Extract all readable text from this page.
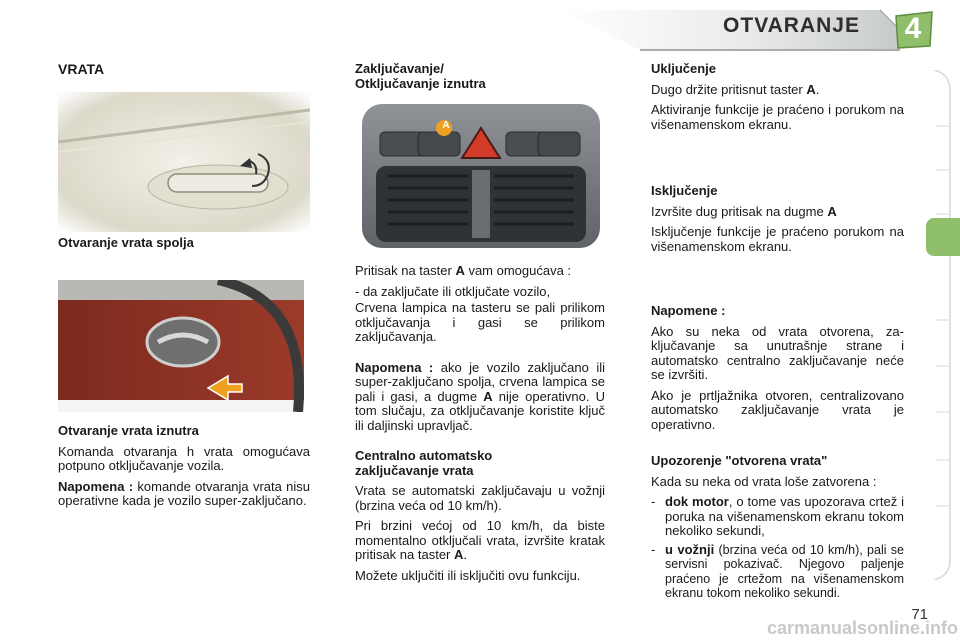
OTVARANJE 4
VRATA
Otvaranje vrata spolja
Otvaranje vrata iznutra

Komanda otvaranja h vrata omogućava potpuno otključavanje vozila.

Napomena : komande otvaranja vrata nisu operativne kada je vozilo super-zaključano.

Zaključavanje/
Otključavanje iznutra
A

Pritisak na taster A vam omogućava :

- da zaključate ili otključate vozilo,

Crvena lampica na tasteru se pali prilikom otključavanja i gasi se prilikom zaključavanja.

Napomena : ako je vozilo zaključano ili super-zaključano spolja, crvena lampica se pali i gasi, a dugme A nije operativno. U tom slučaju, za otključavanje koristite ključ ili daljinski upravljač.

Centralno automatsko
zaključavanje vrata

Vrata se automatski zaključavaju u vožnji (brzina veća od 10 km/h).

Pri brzini većoj od 10 km/h, da biste momentalno otključali vrata, izvršite kratak pritisak na taster A.

Možete uključiti ili isključiti ovu funkciju.

Uključenje

Dugo držite pritisnut taster A.

Aktiviranje funkcije je praćeno i porukom na višenamenskom ekranu.

Isključenje

Izvršite dug pritisak na dugme A

Isključenje funkcije je praćeno porukom na višenamenskom ekranu.

Napomene :

Ako su neka od vrata otvorena, zaključavanje sa unutrašnje strane i automatsko centralno zaključavanje neće se izvršiti.

Ako je prtljažnika otvoren, centralizovano automatsko zaključavanje vrata je operativno.

Upozorenje "otvorena vrata"

Kada su neka od vrata loše zatvorena :

- dok motor, o tome vas upozorava crtež i poruka na višenamenskom ekranu tokom nekoliko sekundi,
- u vožnji (brzina veća od 10 km/h), pali se servisni pokazivač. Njegovo paljenje praćeno je crtežom na višenamenskom ekranu tokom nekoliko sekundi.
71
carmanualsonline.info
